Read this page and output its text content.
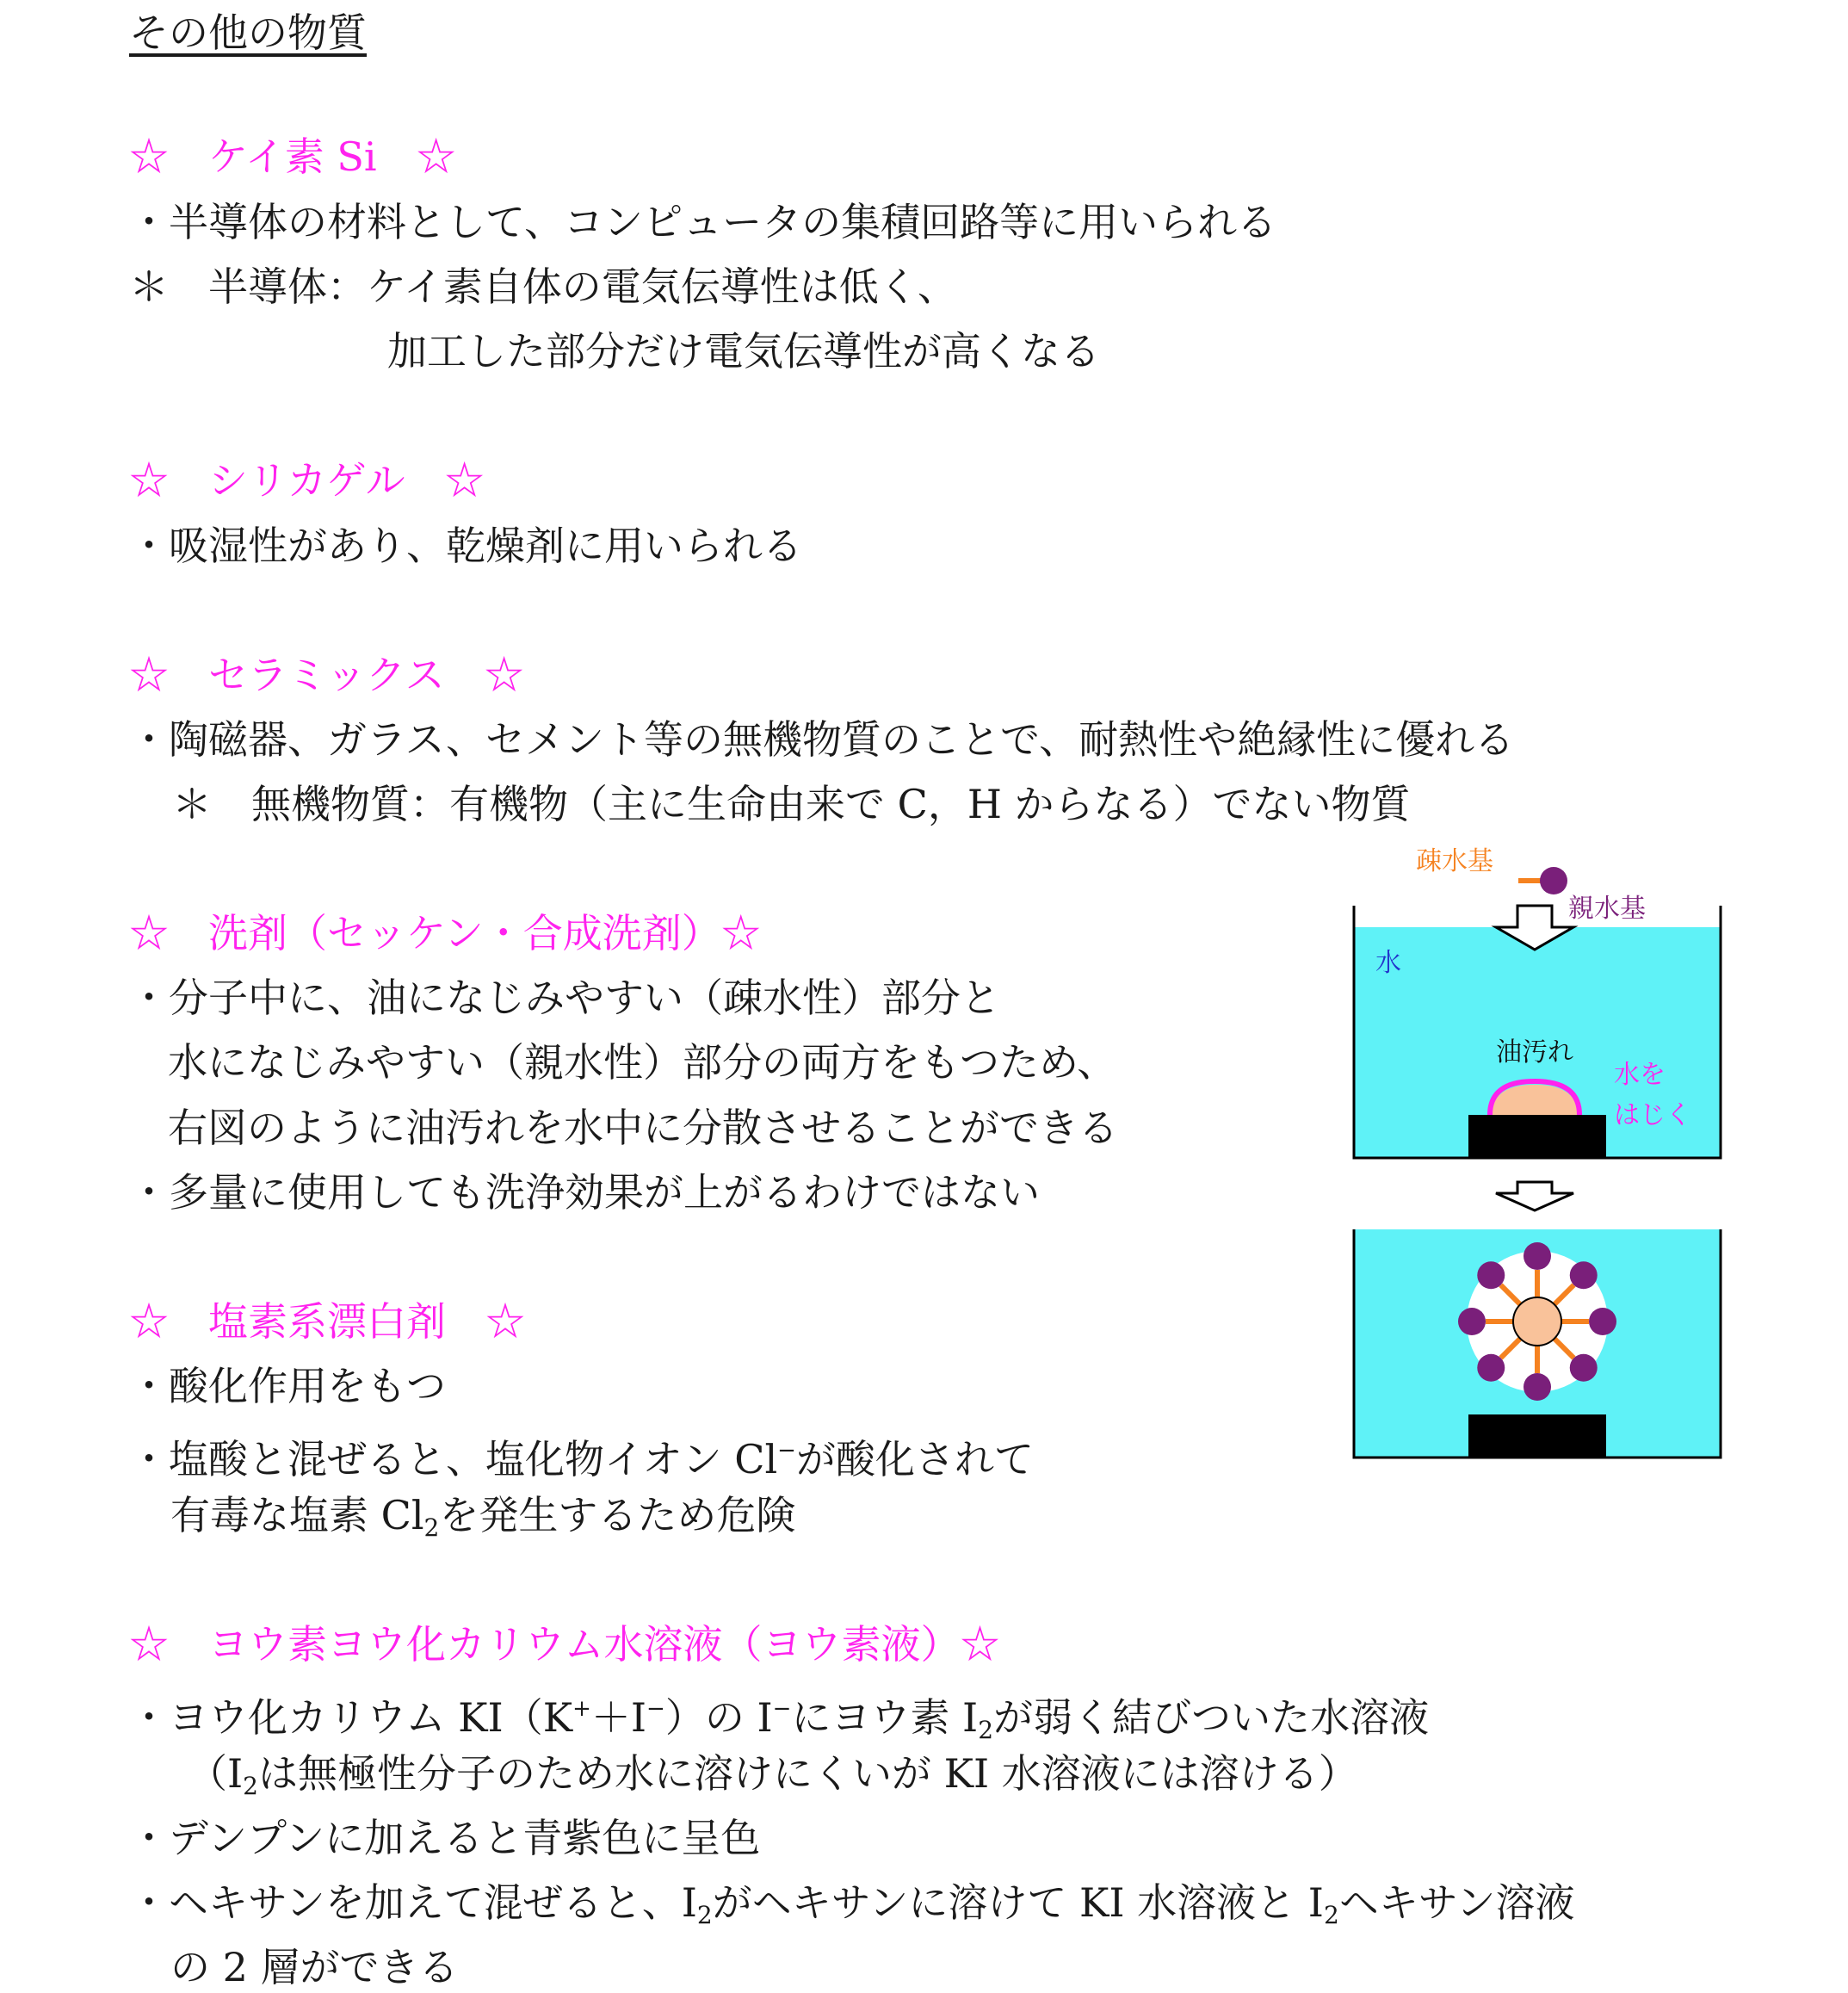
その他の物質
☆　ケイ素 Si　☆
・半導体の材料として、コンピュータの集積回路等に用いられる
＊　半導体：ケイ素自体の電気伝導性は低く、
加工した部分だけ電気伝導性が高くなる
☆　シリカゲル　☆
・吸湿性があり、乾燥剤に用いられる
☆　セラミックス　☆
・陶磁器、ガラス、セメント等の無機物質のことで、耐熱性や絶縁性に優れる
＊　無機物質：有機物（主に生命由来で C，H からなる）でない物質
☆　洗剤（セッケン・合成洗剤）☆
・分子中に、油になじみやすい（疎水性）部分と
水になじみやすい（親水性）部分の両方をもつため、
右図のように油汚れを水中に分散させることができる
・多量に使用しても洗浄効果が上がるわけではない
☆　塩素系漂白剤　☆
・酸化作用をもつ
・塩酸と混ぜると、塩化物イオン Cl−が酸化されて
有毒な塩素 $Cl_2$を発生するため危険
☆　ヨウ素ヨウ化カリウム水溶液（ヨウ素液）☆
・ヨウ化カリウム KI（K+＋I−）の I−にヨウ素 $I_2$が弱く結びついた水溶液
（$I_2$は無極性分子のため水に溶けにくいが KI 水溶液には溶ける）
・デンプンに加えると青紫色に呈色
・ヘキサンを加えて混ぜると、$I_2$がヘキサンに溶けて KI 水溶液と $I_2$ヘキサン溶液
の 2 層ができる
疎水基
親水基
水
油汚れ
水を
はじく
